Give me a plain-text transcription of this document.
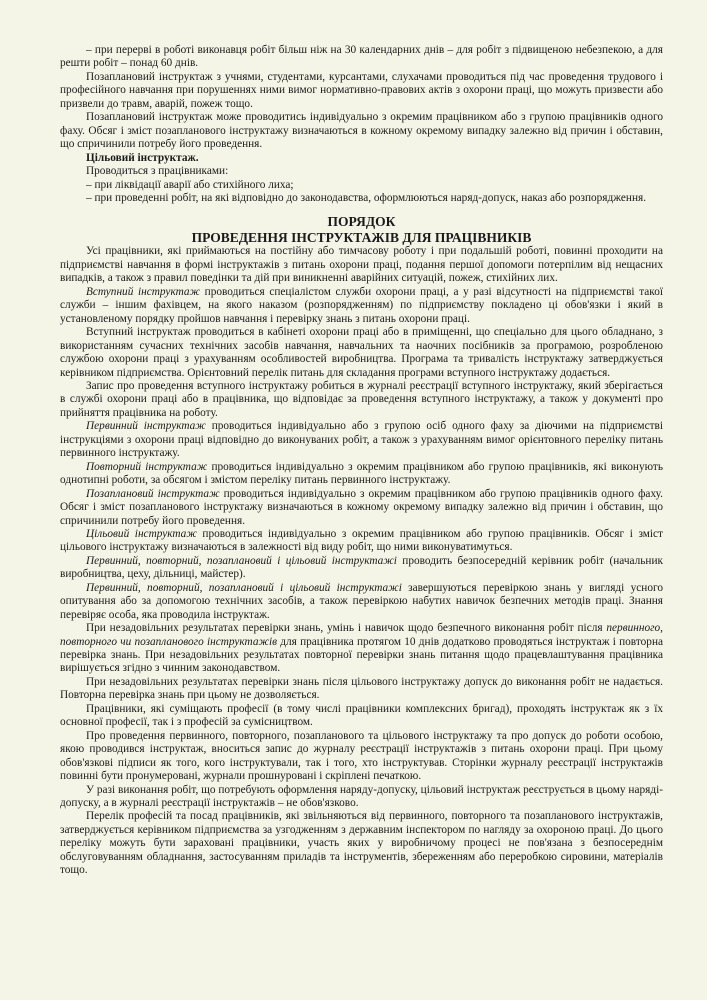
– при перерві в роботі виконавця робіт більш ніж на 30 календарних днів – для робіт з підвищеною небезпекою, а для решти робіт – понад 60 днів.

Позаплановий інструктаж з учнями, студентами, курсантами, слухачами проводиться під час проведення трудового і професійного навчання при порушеннях ними вимог нормативно-правових актів з охорони праці, що можуть призвести або призвели до травм, аварій, пожеж тощо.

Позаплановий інструктаж може проводитись індивідуально з окремим працівником або з групою працівників одного фаху. Обсяг і зміст позапланового інструктажу визначаються в кожному окремому випадку залежно від причин і обставин, що спричинили потребу його проведення.

Цільовий інструктаж.

Проводиться з працівниками:

– при ліквідації аварії або стихійного лиха;

– при проведенні робіт, на які відповідно до законодавства, оформлюються наряд-допуск, наказ або розпорядження.

ПОРЯДОК

ПРОВЕДЕННЯ ІНСТРУКТАЖІВ ДЛЯ ПРАЦІВНИКІВ

Усі працівники, які приймаються на постійну або тимчасову роботу і при подальшій роботі, повинні проходити на підприємстві навчання в формі інструктажів з питань охорони праці, подання першої допомоги потерпілим від нещасних випадків, а також з правил поведінки та дій при виникненні аварійних ситуацій, пожеж, стихійних лих.

Вступний інструктаж проводиться спеціалістом служби охорони праці, а у разі відсутності на підприємстві такої служби – іншим фахівцем, на якого наказом (розпорядженням) по підприємству покладено ці обов'язки і який в установленому порядку пройшов навчання і перевірку знань з питань охорони праці.

Вступний інструктаж проводиться в кабінеті охорони праці або в приміщенні, що спеціально для цього обладнано, з використанням сучасних технічних засобів навчання, навчальних та наочних посібників за програмою, розробленою службою охорони праці з урахуванням особливостей виробництва. Програма та тривалість інструктажу затверджується керівником підприємства. Орієнтовний перелік питань для складання програми вступного інструктажу додається.

Запис про проведення вступного інструктажу робиться в журналі реєстрації вступного інструктажу, який зберігається в службі охорони праці або в працівника, що відповідає за проведення вступного інструктажу, а також у документі про прийняття працівника на роботу.

Первинний інструктаж проводиться індивідуально або з групою осіб одного фаху за діючими на підприємстві інструкціями з охорони праці відповідно до виконуваних робіт, а також з урахуванням вимог орієнтовного переліку питань первинного інструктажу.

Повторний інструктаж проводиться індивідуально з окремим працівником або групою працівників, які виконують однотипні роботи, за обсягом і змістом переліку питань первинного інструктажу.

Позаплановий інструктаж проводиться індивідуально з окремим працівником або групою працівників одного фаху. Обсяг і зміст позапланового інструктажу визначаються в кожному окремому випадку залежно від причин і обставин, що спричинили потребу його проведення.

Цільовий інструктаж проводиться індивідуально з окремим працівником або групою працівників. Обсяг і зміст цільового інструктажу визначаються в залежності від виду робіт, що ними виконуватимуться.

Первинний, повторний, позаплановий і цільовий інструктажі проводить безпосередній керівник робіт (начальник виробництва, цеху, дільниці, майстер).

Первинний, повторний, позаплановий і цільовий інструктажі завершуються перевіркою знань у вигляді усного опитування або за допомогою технічних засобів, а також перевіркою набутих навичок безпечних методів праці. Знання перевіряє особа, яка проводила інструктаж.

При незадовільних результатах перевірки знань, умінь і навичок щодо безпечного виконання робіт після первинного, повторного чи позапланового інструктажів для працівника протягом 10 днів додатково проводяться інструктаж і повторна перевірка знань. При незадовільних результатах повторної перевірки знань питання щодо працевлаштування працівника вирішується згідно з чинним законодавством.

При незадовільних результатах перевірки знань після цільового інструктажу допуск до виконання робіт не надається. Повторна перевірка знань при цьому не дозволяється.

Працівники, які суміщають професії (в тому числі працівники комплексних бригад), проходять інструктаж як з їх основної професії, так і з професій за сумісництвом.

Про проведення первинного, повторного, позапланового та цільового інструктажу та про допуск до роботи особою, якою проводився інструктаж, вноситься запис до журналу реєстрації інструктажів з питань охорони праці. При цьому обов'язкові підписи як того, кого інструктували, так і того, хто інструктував. Сторінки журналу реєстрації інструктажів повинні бути пронумеровані, журнали прошнуровані і скріплені печаткою.

У разі виконання робіт, що потребують оформлення наряду-допуску, цільовий інструктаж реєструється в цьому наряді-допуску, а в журналі реєстрації інструктажів – не обов'язково.

Перелік професій та посад працівників, які звільняються від первинного, повторного та позапланового інструктажів, затверджується керівником підприємства за узгодженням з державним інспектором по нагляду за охороною праці. До цього переліку можуть бути зараховані працівники, участь яких у виробничому процесі не пов'язана з безпосереднім обслуговуванням обладнання, застосуванням приладів та інструментів, збереженням або переробкою сировини, матеріалів тощо.
